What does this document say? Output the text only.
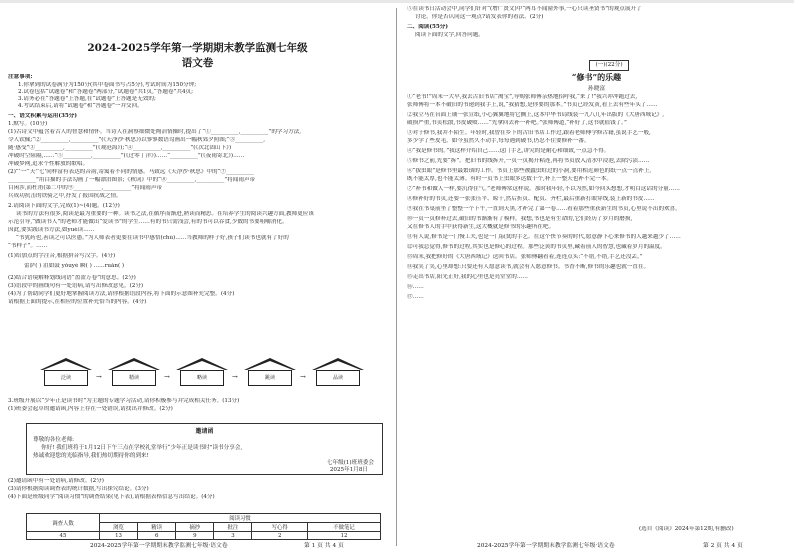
2024-2025学年第一学期期末教学监测七年级
语文卷
注意事项:
1.你拿到的试卷满分为150分(其中卷面书写占5分),考试时间为150分钟;
2.试卷包括“试题卷”和“答题卷”两部分,“试题卷”共1页,“答题卷”共4页;
3.请务必在“答题卷”上答题,在“试题卷”上答题是无效的;
4.考试结束后,请将“试题卷”和“答题卷”一并交回。
一、语文积累与运用(35分)
1.默写。(10分)
(1)古诗文中蕴含着古人的智慧和情怀。当诗人在洞察细微处陶冶情操时,提出了“①__________,__________”的学习方法,
令人钦佩;“②__________,__________”(《天净沙·秋思》)以寥寥数语勾画出一幅秋郊夕照图;“③__________,
随·感受”③__________,__________”(《观沧海》);“④__________,__________”(《次北固山下》)
冲破时空阻隔,……“⑤__________,__________”(《过零丁洋》)……“__________”(《夜雨寄北》)……
冲破梦网,追求个性解放的歌唱。
(2)“‘一’‘天’‘七’同样富有表达的音韵,寄寓着不同的情感。马致远《天净沙·秋思》中的“⑦__________
__________”用白描的手法勾画了一幅漂泊图景;《秋词》中的“⑧__________,__________”将闻雨声带
目闲涉,而杜甫(第二中的⑨__________,__________”将闻雨声带
兵成功抗击的铁骑之中,抒发了报国抗战之情。
2.请阅读下面的文字,完成(1)~(4)题。(12分)
读书的方法有很多,阅读是最为重要的一种。读书之法,在循序而渐进,熟读而精思。在培养学生的阅读兴趣方面,教师更应该
示范引导,“做读书人”的老师才能做出“爱读书”的学生……有的书只需浅尝,有的书可以吞食,少数的书要咀嚼消化。
因此,要实践读书方法,如yuè读……
“书犹药也,善读之可以医愚。”为人师表者更要在读书中感悟(chù)……当教师的样子好,孩子们读书也就有了好的
“书样子”。……
(1)给加点的字注音,根据拼音写汉字。(4分)
蕾萨( ) 沮如鼓 yǒuyé 瞬( ) ……ruǎn( )
(2)结合语境解释划线词语“盈盈万卷”的意思。(2分)
(3)语段中的画线句有一处语病,请写出修改意见。(2分)
(4)为了帮助同学们更好地掌握阅读方法,请你根据语段内容,将下面的示意图补充完整。(4分)
请根据上面的提示,在相应的位置补充恰当的内容。(4分)
泛读	→	精读	→	略读	→	跳读	→	品读
3.班级开展以“少年正是读书时”为主题的专题学习活动,请你积极参与并完成相关任务。(13分)
(1)班委会起草的邀请函,内容上存在一处错误,请找出并修改。(2分)
邀请函
尊敬的各位老师:
你好! 我们班将于1月12日下午三点在学校礼堂举行“少年正是读书时”读书分享会,
热诚欢迎您的光临指导,我们热切期待你的到来!
七年级(1)班班委会
2025年1月8日
(2)邀请函中有一处语病,请修改。(2分)
(3)请你根据阅读调查表的统计数据,写出探究结论。(3分)
(4)下面是班级同学“阅读习惯”的调查结果(见下表),请根据表格信息写出结论。(4分)
调查人数	阅读习惯					
	浏览	精读	摘抄	批注	写心得	不做笔记
45	13	6	9	3	2	12
2024-2025学年第一学期期末教学监测七年级·语文卷	第 1 页 共 4 页
⑤在读书日活动会中,同学们针对“(增广贤文)中“两耳不闻窗外事,一心只读圣贤书”的观点展开了
讨论。你是否认同这一观点?请发表你的看法。(2分)
二、阅读(55分)
阅读下面的文字,回答问题。
(一)(22分)
“修书”的乐趣
孙晓富
①“老书!”周末一大早,我去古旧书店“淘宝”,导购张师傅亲热地招呼我,“来了!”我兴冲冲跑过去,
张师傅将一本不破旧的书递到我手上,说,“我猜想,是你要的那本。”书页已经发黄,看上去有些年头了……
②我立马在台面上铺一张宣纸,小心翼翼地将它搁上,这本中华书局线装一九八几年出版的《大唐西域记》,
破损严重,书页松散,书皮破败……“先拿回去补一补吧。”张师傅道,“补好了,这书就值钱了。”
③对于修书,我并不陌生。年轻时,我曾在乡下的古旧书店工作过,跟着老师傅学修古籍,虽说手艺一般,
多少学了些皮毛。如今虽然久不动手,每每遇到破书,仍忍不住要修补一番。
④“我是修书的。”我这样介绍自己……这门手艺,讲究的是耐心和细致,一点急不得。
⑤修书之前,先要“拆”。把旧书的线拆开,一页一页揭开粘连,再将书页放入清水中浸泡,去除污渍……
⑥“拔虫眼”是修书里最繁琐的工作。书页上那些被蠹虫蛀过的小洞,要用相近颜色的纸一点一点补上,
既不能太厚,也不能太薄。有时一页书上虫眼多达数十个,补上一整天也补不完一本。
⑦“补书和做人一样,要沉得住气。”老师傅常这样说。那时我年轻,不以为然,如今回头想想,才明白这话的分量……
⑧修补好的书页,还要一张张压平、晾干,然后折页、配页、齐栏,最后重新打眼穿线,装上新的书皮……
⑨我在书桌前坐了整整一个下午,一直到天黑,才补完了第一卷……看着那些重获新生的书页,心里说不出的欢喜。
⑩一页一页修补过去,破旧的书渐渐有了模样。我想,书也是有生命的,它们经历了岁月的磨损,
又在修书人的手中获得新生,这大概就是修书的乐趣所在吧。
⑪有人说,修书是一门慢工夫,也是一门寂寞的手艺。在这个快节奏的时代,愿意静下心来修书的人越来越少了……
⑫可我总觉得,修书的过程,其实也是修心的过程。那些泛黄的书页里,藏着前人的智慧,也藏着岁月的温度。
⑬周末,我把修好的《大唐西域记》送回书店。张师傅翻看着,连连点头:“不错,不错,手艺还没丢。”
⑭我笑了笑,心里却想:只要还有人愿意读书,就会有人愿意修书。书香不断,修书的乐趣也就一直在。
⑮走出书店,阳光正好,我的心里也是亮堂堂的……
⑯……
⑰……
(选自《阅读》2024年第12期,有删改)
2024-2025学年第一学期期末教学监测七年级·语文卷	第 2 页 共 4 页
